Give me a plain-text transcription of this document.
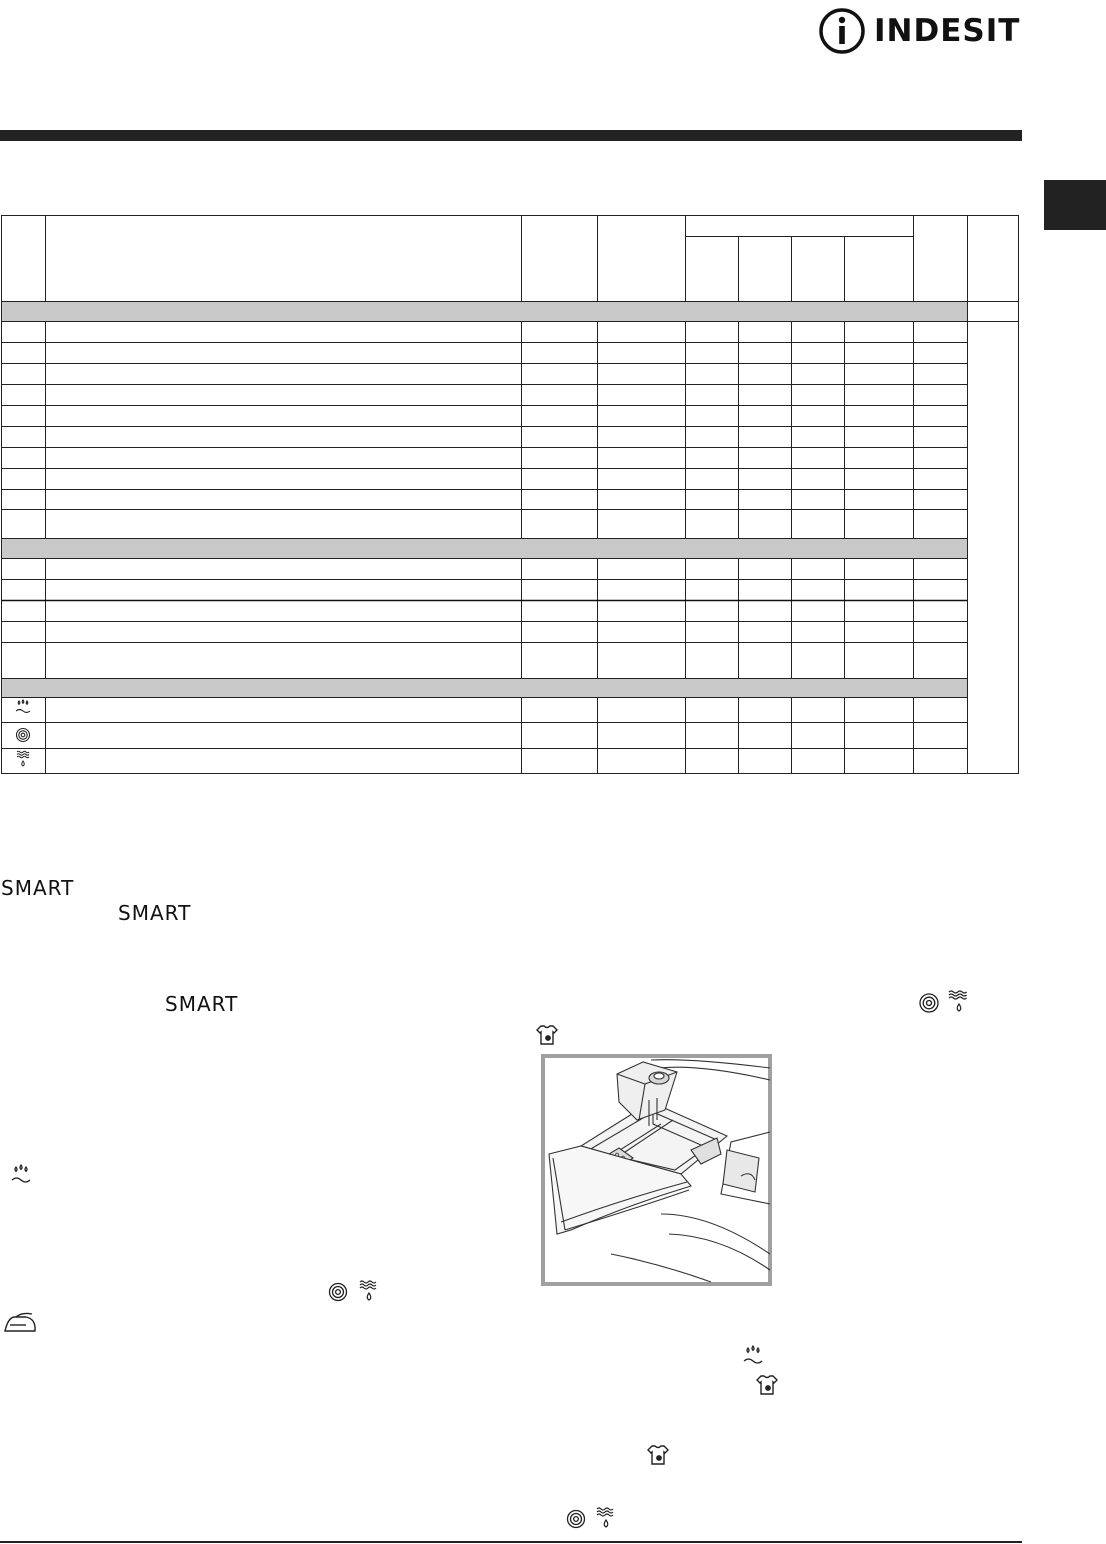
INDESIT
SMART
SMART
SMART
